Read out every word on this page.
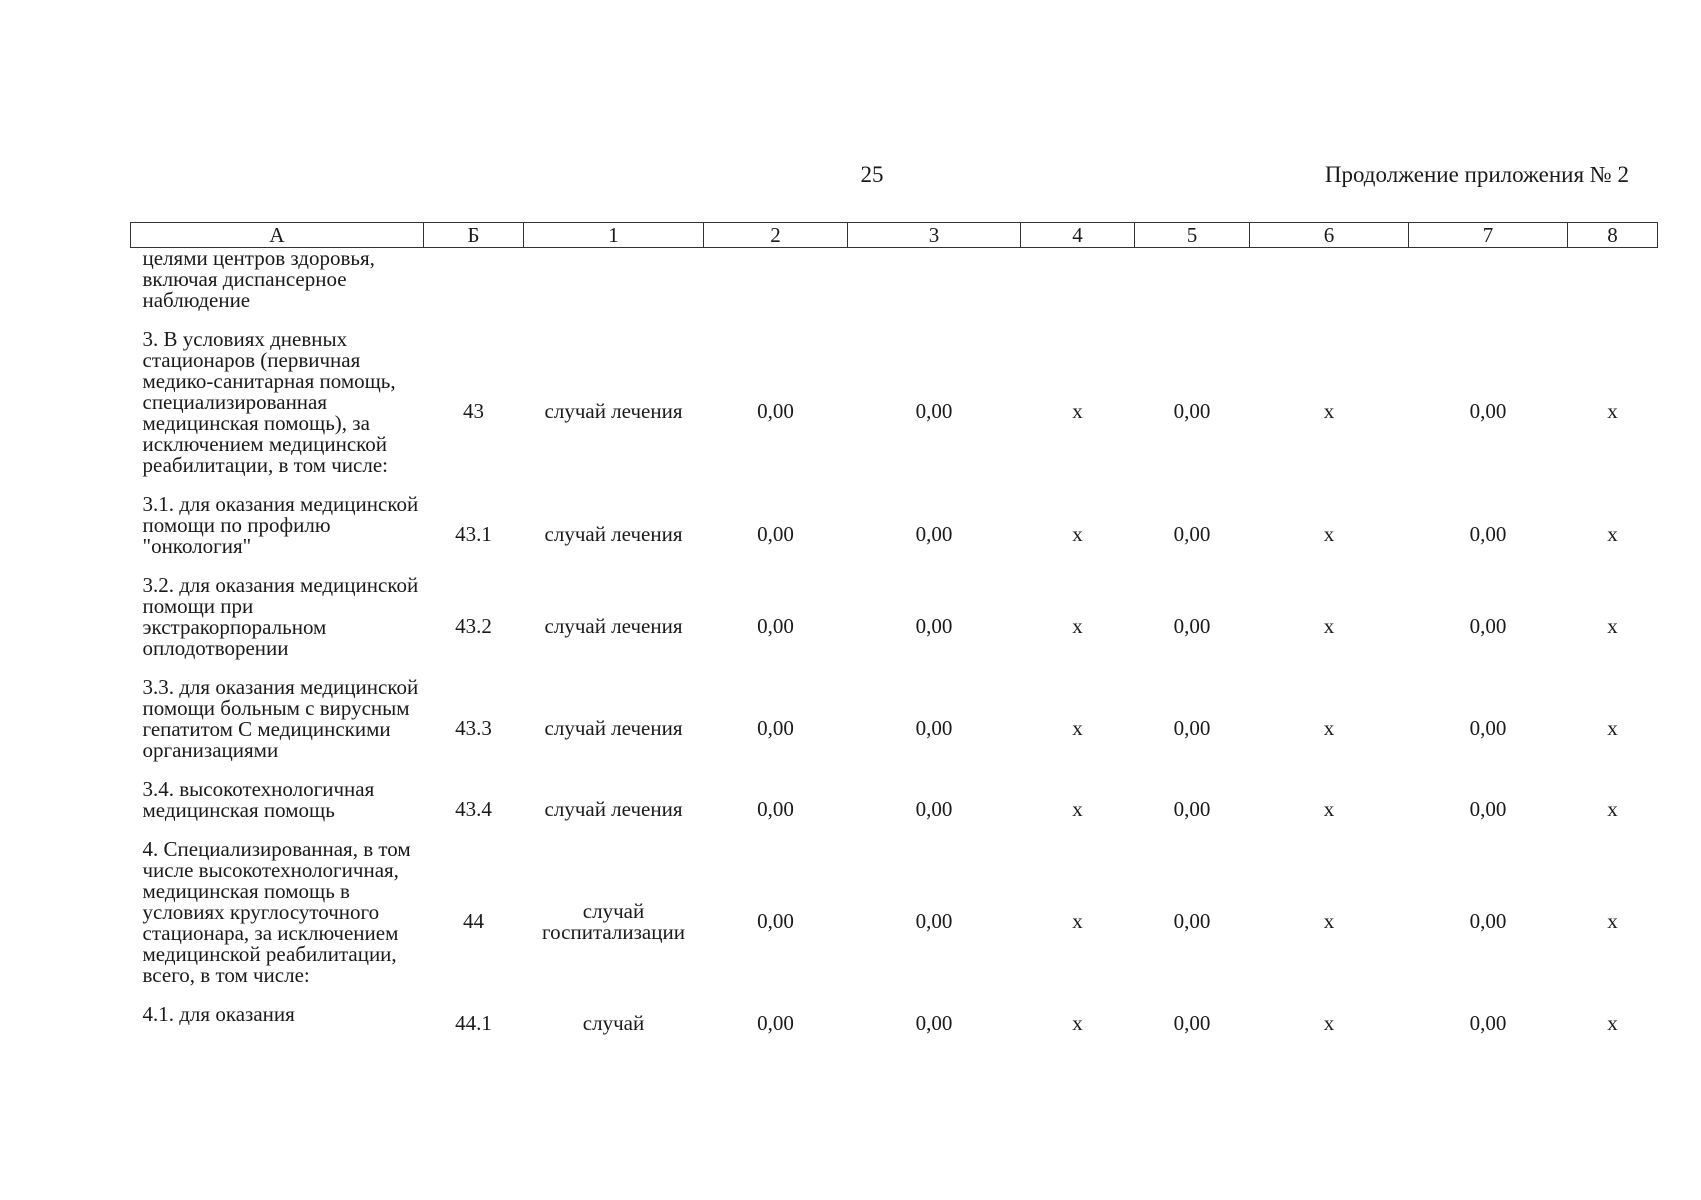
25	Продолжение приложения № 2
А	Б	1	2	3	4	5	6	7	8
целями центров здоровья, включая диспансерное наблюдение									
3. В условиях дневных стационаров (первичная медико-санитарная помощь, специализированная медицинская помощь), за исключением медицинской реабилитации, в том числе:	43	случай лечения	0,00	0,00	х	0,00	х	0,00	х
3.1. для оказания медицинской помощи по профилю "онкология"	43.1	случай лечения	0,00	0,00	х	0,00	х	0,00	х
3.2. для оказания медицинской помощи при экстракорпоральном оплодотворении	43.2	случай лечения	0,00	0,00	х	0,00	х	0,00	х
3.3. для оказания медицинской помощи больным с вирусным гепатитом С медицинскими организациями	43.3	случай лечения	0,00	0,00	х	0,00	х	0,00	х
3.4. высокотехнологичная медицинская помощь	43.4	случай лечения	0,00	0,00	х	0,00	х	0,00	х
4. Специализированная, в том числе высокотехнологичная, медицинская помощь в условиях круглосуточного стационара, за исключением медицинской реабилитации, всего, в том числе:	44	случай госпитализации	0,00	0,00	х	0,00	х	0,00	х
4.1. для оказания	44.1	случай	0,00	0,00	х	0,00	х	0,00	х
